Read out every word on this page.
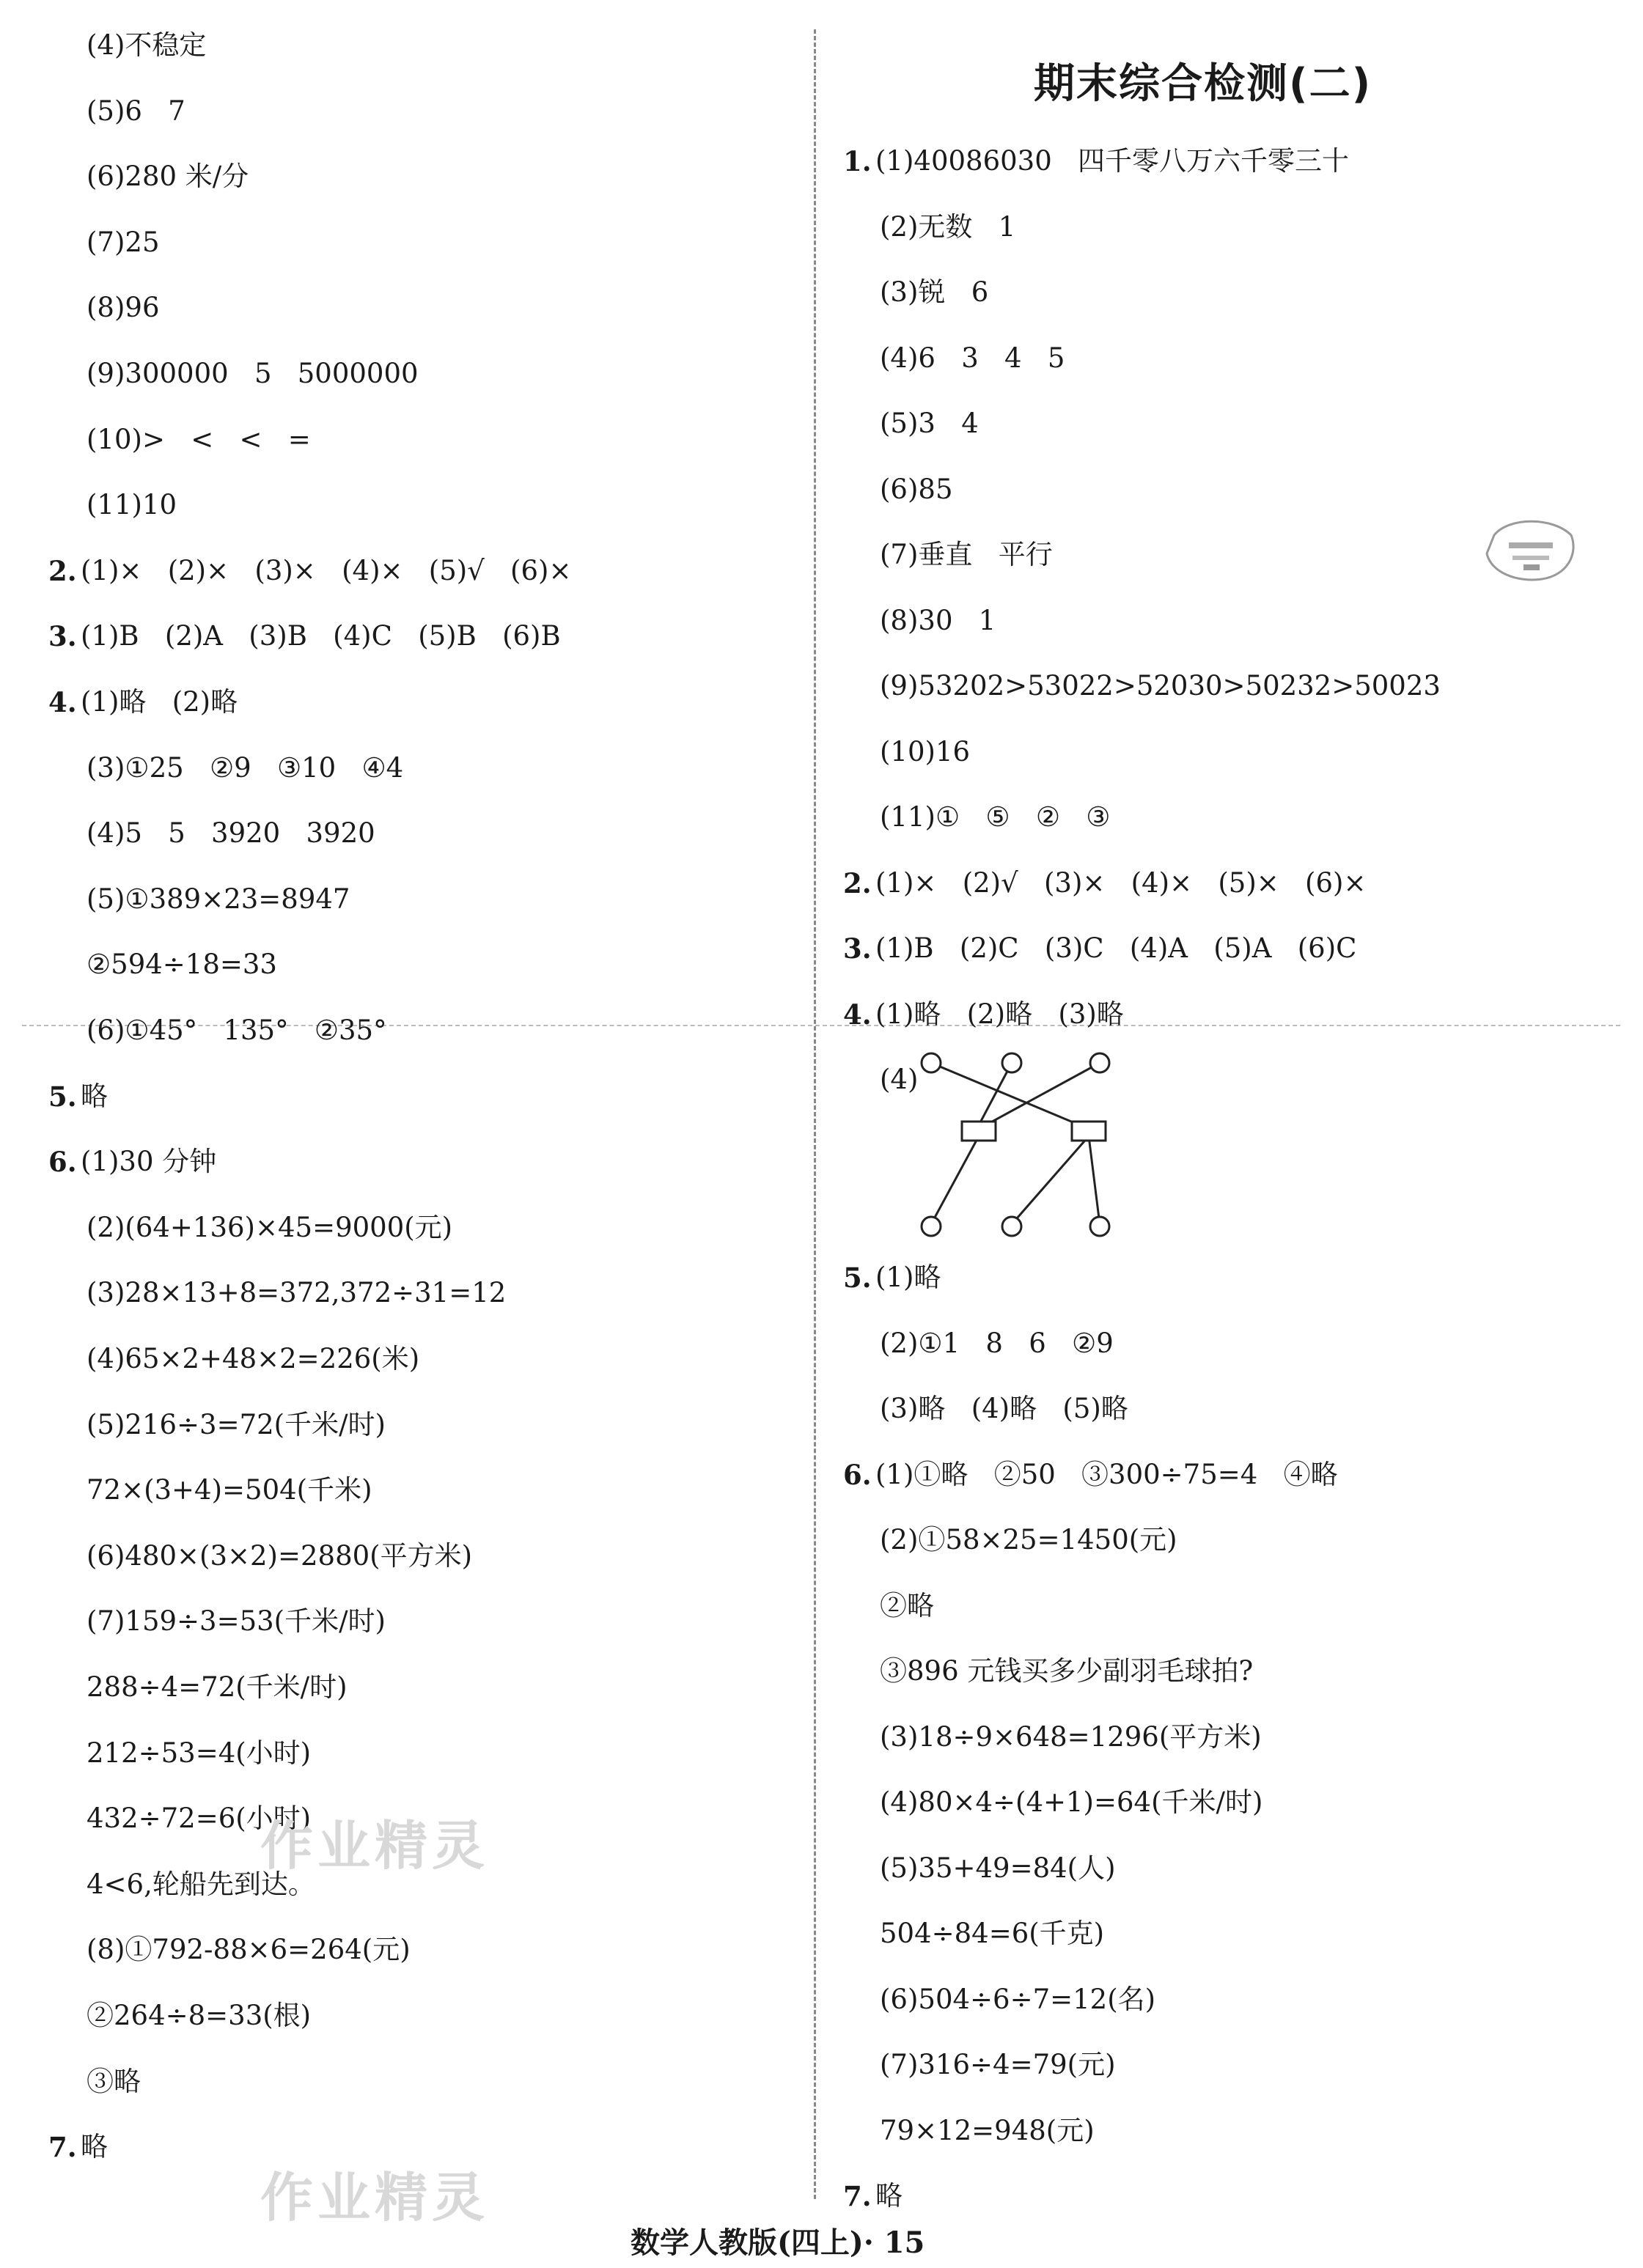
(4)不稳定
(5)6   7
(6)280 米/分
(7)25
(8)96
(9)300000   5   5000000
(10)>   <   <   =
(11)10
2. (1)×   (2)×   (3)×   (4)×   (5)√   (6)×
3. (1)B   (2)A   (3)B   (4)C   (5)B   (6)B
4. (1)略   (2)略
(3)①25   ②9   ③10   ④4
(4)5   5   3920   3920
(5)①389×23=8947
②594÷18=33
(6)①45°   135°   ②35°
5. 略
6. (1)30 分钟
(2)(64+136)×45=9000(元)
(3)28×13+8=372,372÷31=12
(4)65×2+48×2=226(米)
(5)216÷3=72(千米/时)
72×(3+4)=504(千米)
(6)480×(3×2)=2880(平方米)
(7)159÷3=53(千米/时)
288÷4=72(千米/时)
212÷53=4(小时)
432÷72=6(小时)
4<6,轮船先到达。
(8)①792-88×6=264(元)
②264÷8=33(根)
③略
7. 略
1. (1)40086030   四千零八万六千零三十
(2)无数   1
(3)锐   6
(4)6   3   4   5
(5)3   4
(6)85
(7)垂直   平行
(8)30   1
(9)53202>53022>52030>50232>50023
(10)16
(11)①   ⑤   ②   ③
2. (1)×   (2)√   (3)×   (4)×   (5)×   (6)×
3. (1)B   (2)C   (3)C   (4)A   (5)A   (6)C
4. (1)略   (2)略   (3)略
(4)
5. (1)略
(2)①1   8   6   ②9
(3)略   (4)略   (5)略
6. (1)①略   ②50   ③300÷75=4   ④略
(2)①58×25=1450(元)
②略
③896 元钱买多少副羽毛球拍?
(3)18÷9×648=1296(平方米)
(4)80×4÷(4+1)=64(千米/时)
(5)35+49=84(人)
504÷84=6(千克)
(6)504÷6÷7=12(名)
(7)316÷4=79(元)
79×12=948(元)
7. 略
期末综合检测(二)
作业精灵
作业精灵
数学人教版(四上)· 15
